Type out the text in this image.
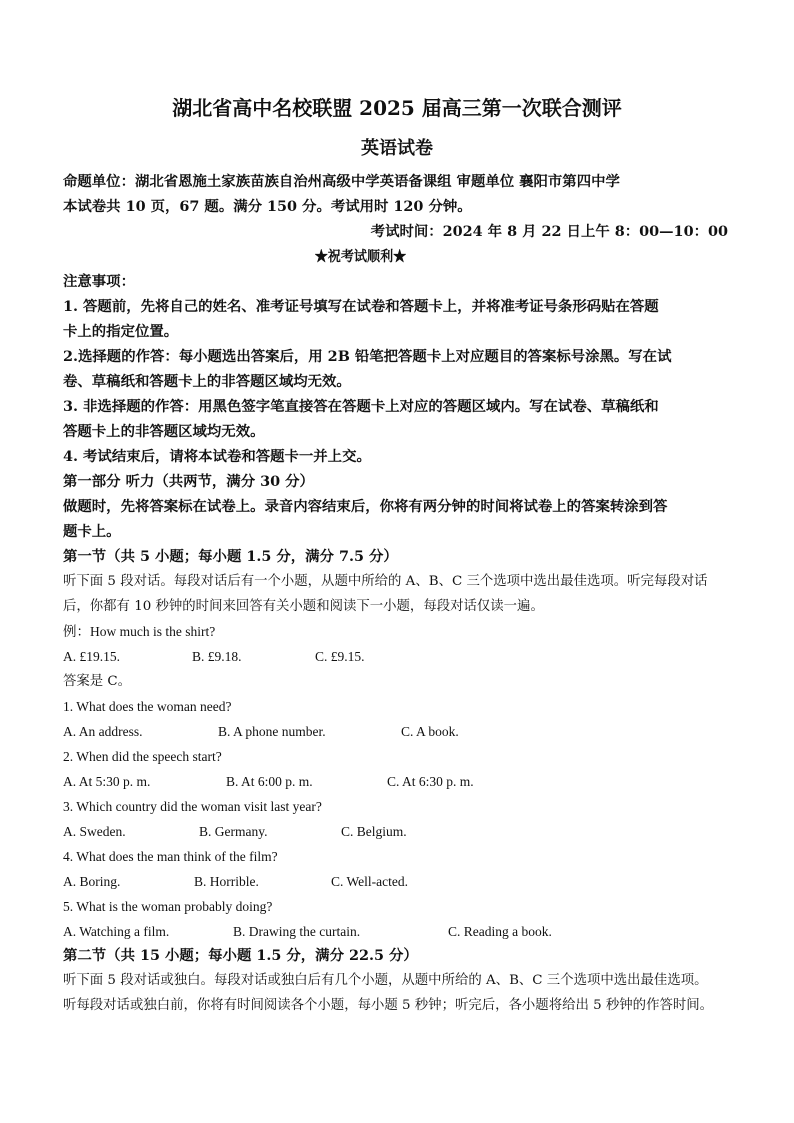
湖北省高中名校联盟 2025 届高三第一次联合测评
英语试卷
命题单位：湖北省恩施土家族苗族自治州高级中学英语备课组 审题单位 襄阳市第四中学
本试卷共 10 页，67 题。满分 150 分。考试用时 120 分钟。
考试时间：2024 年 8 月 22 日上午 8：00—10：00
★祝考试顺利★
注意事项：
1. 答题前，先将自己的姓名、准考证号填写在试卷和答题卡上，并将准考证号条形码贴在答题
卡上的指定位置。
2.选择题的作答：每小题选出答案后，用 2B 铅笔把答题卡上对应题目的答案标号涂黑。写在试
卷、草稿纸和答题卡上的非答题区域均无效。
3. 非选择题的作答：用黑色签字笔直接答在答题卡上对应的答题区域内。写在试卷、草稿纸和
答题卡上的非答题区域均无效。
4. 考试结束后，请将本试卷和答题卡一并上交。
第一部分 听力（共两节，满分 30 分）
做题时，先将答案标在试卷上。录音内容结束后，你将有两分钟的时间将试卷上的答案转涂到答
题卡上。
第一节（共 5 小题；每小题 1.5 分，满分 7.5 分）
听下面 5 段对话。每段对话后有一个小题，从题中所给的 A、B、C 三个选项中选出最佳选项。听完每段对话
后，你都有 10 秒钟的时间来回答有关小题和阅读下一小题，每段对话仅读一遍。
例：How much is the shirt?
A. £19.15.	B. £9.18.	C. £9.15.
答案是 C。
1. What does the woman need?
A. An address.	B. A phone number.	C. A book.
2. When did the speech start?
A. At 5:30 p. m.	B. At 6:00 p. m.	C. At 6:30 p. m.
3. Which country did the woman visit last year?
A. Sweden.	B. Germany.	C. Belgium.
4. What does the man think of the film?
A. Boring.	B. Horrible.	C. Well-acted.
5. What is the woman probably doing?
A. Watching a film.	B. Drawing the curtain.	C. Reading a book.
第二节（共 15 小题；每小题 1.5 分，满分 22.5 分）
听下面 5 段对话或独白。每段对话或独白后有几个小题，从题中所给的 A、B、C 三个选项中选出最佳选项。
听每段对话或独白前，你将有时间阅读各个小题，每小题 5 秒钟；听完后，各小题将给出 5 秒钟的作答时间。
